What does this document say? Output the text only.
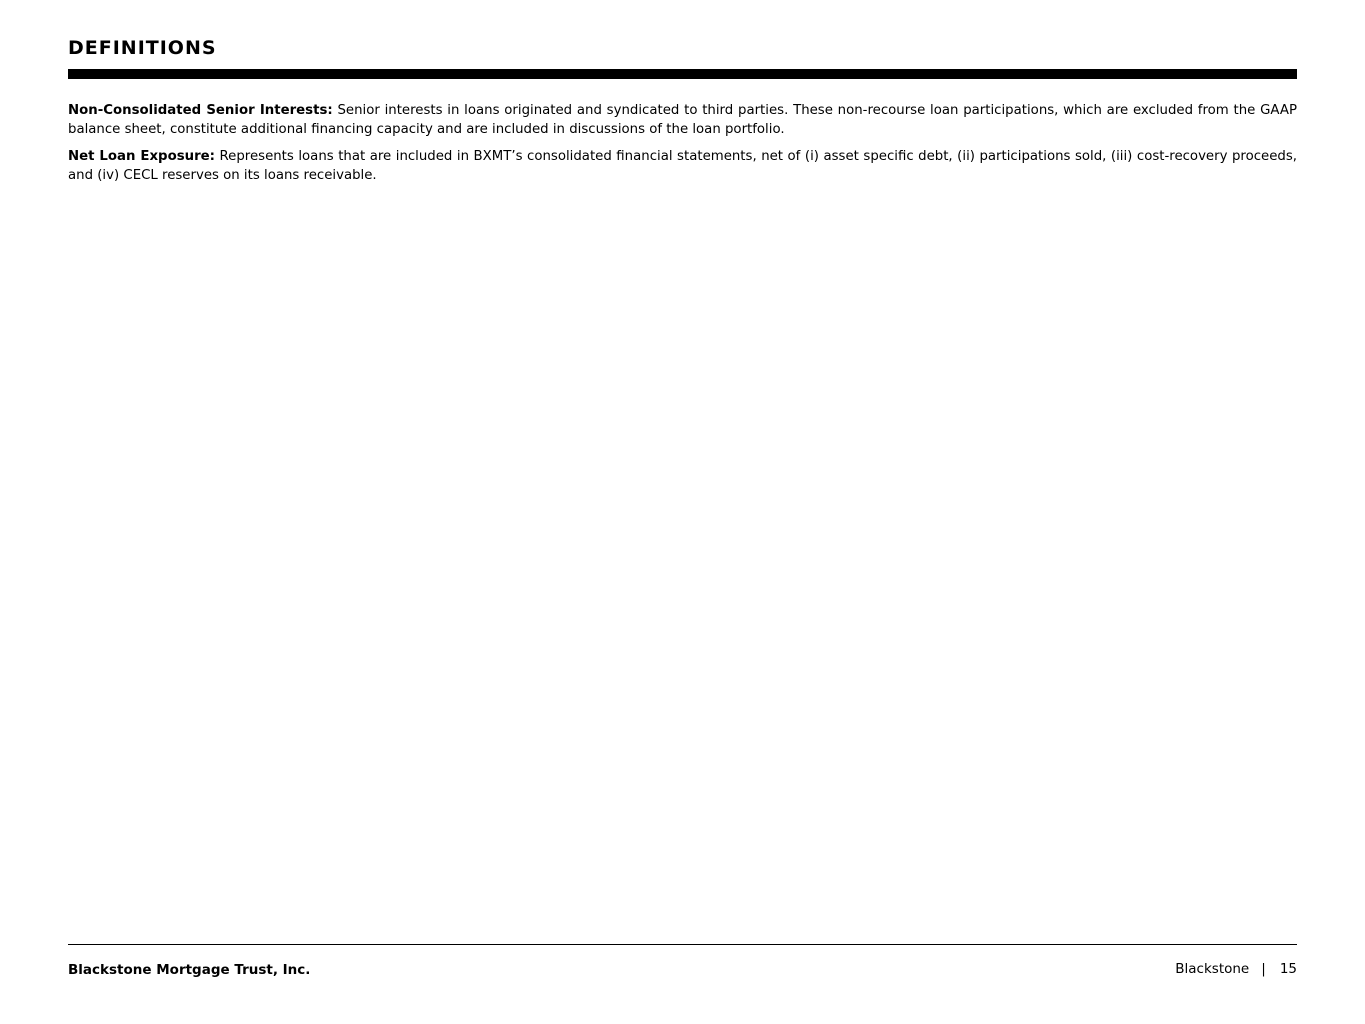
DEFINITIONS

Non-Consolidated Senior Interests: Senior interests in loans originated and syndicated to third parties. These non-recourse loan participations, which are excluded from the GAAP balance sheet, constitute additional financing capacity and are included in discussions of the loan portfolio.

Net Loan Exposure: Represents loans that are included in BXMT’s consolidated financial statements, net of (i) asset specific debt, (ii) participations sold, (iii) cost-recovery proceeds, and (iv) CECL reserves on its loans receivable.

Blackstone Mortgage Trust, Inc.	Blackstone | 15
